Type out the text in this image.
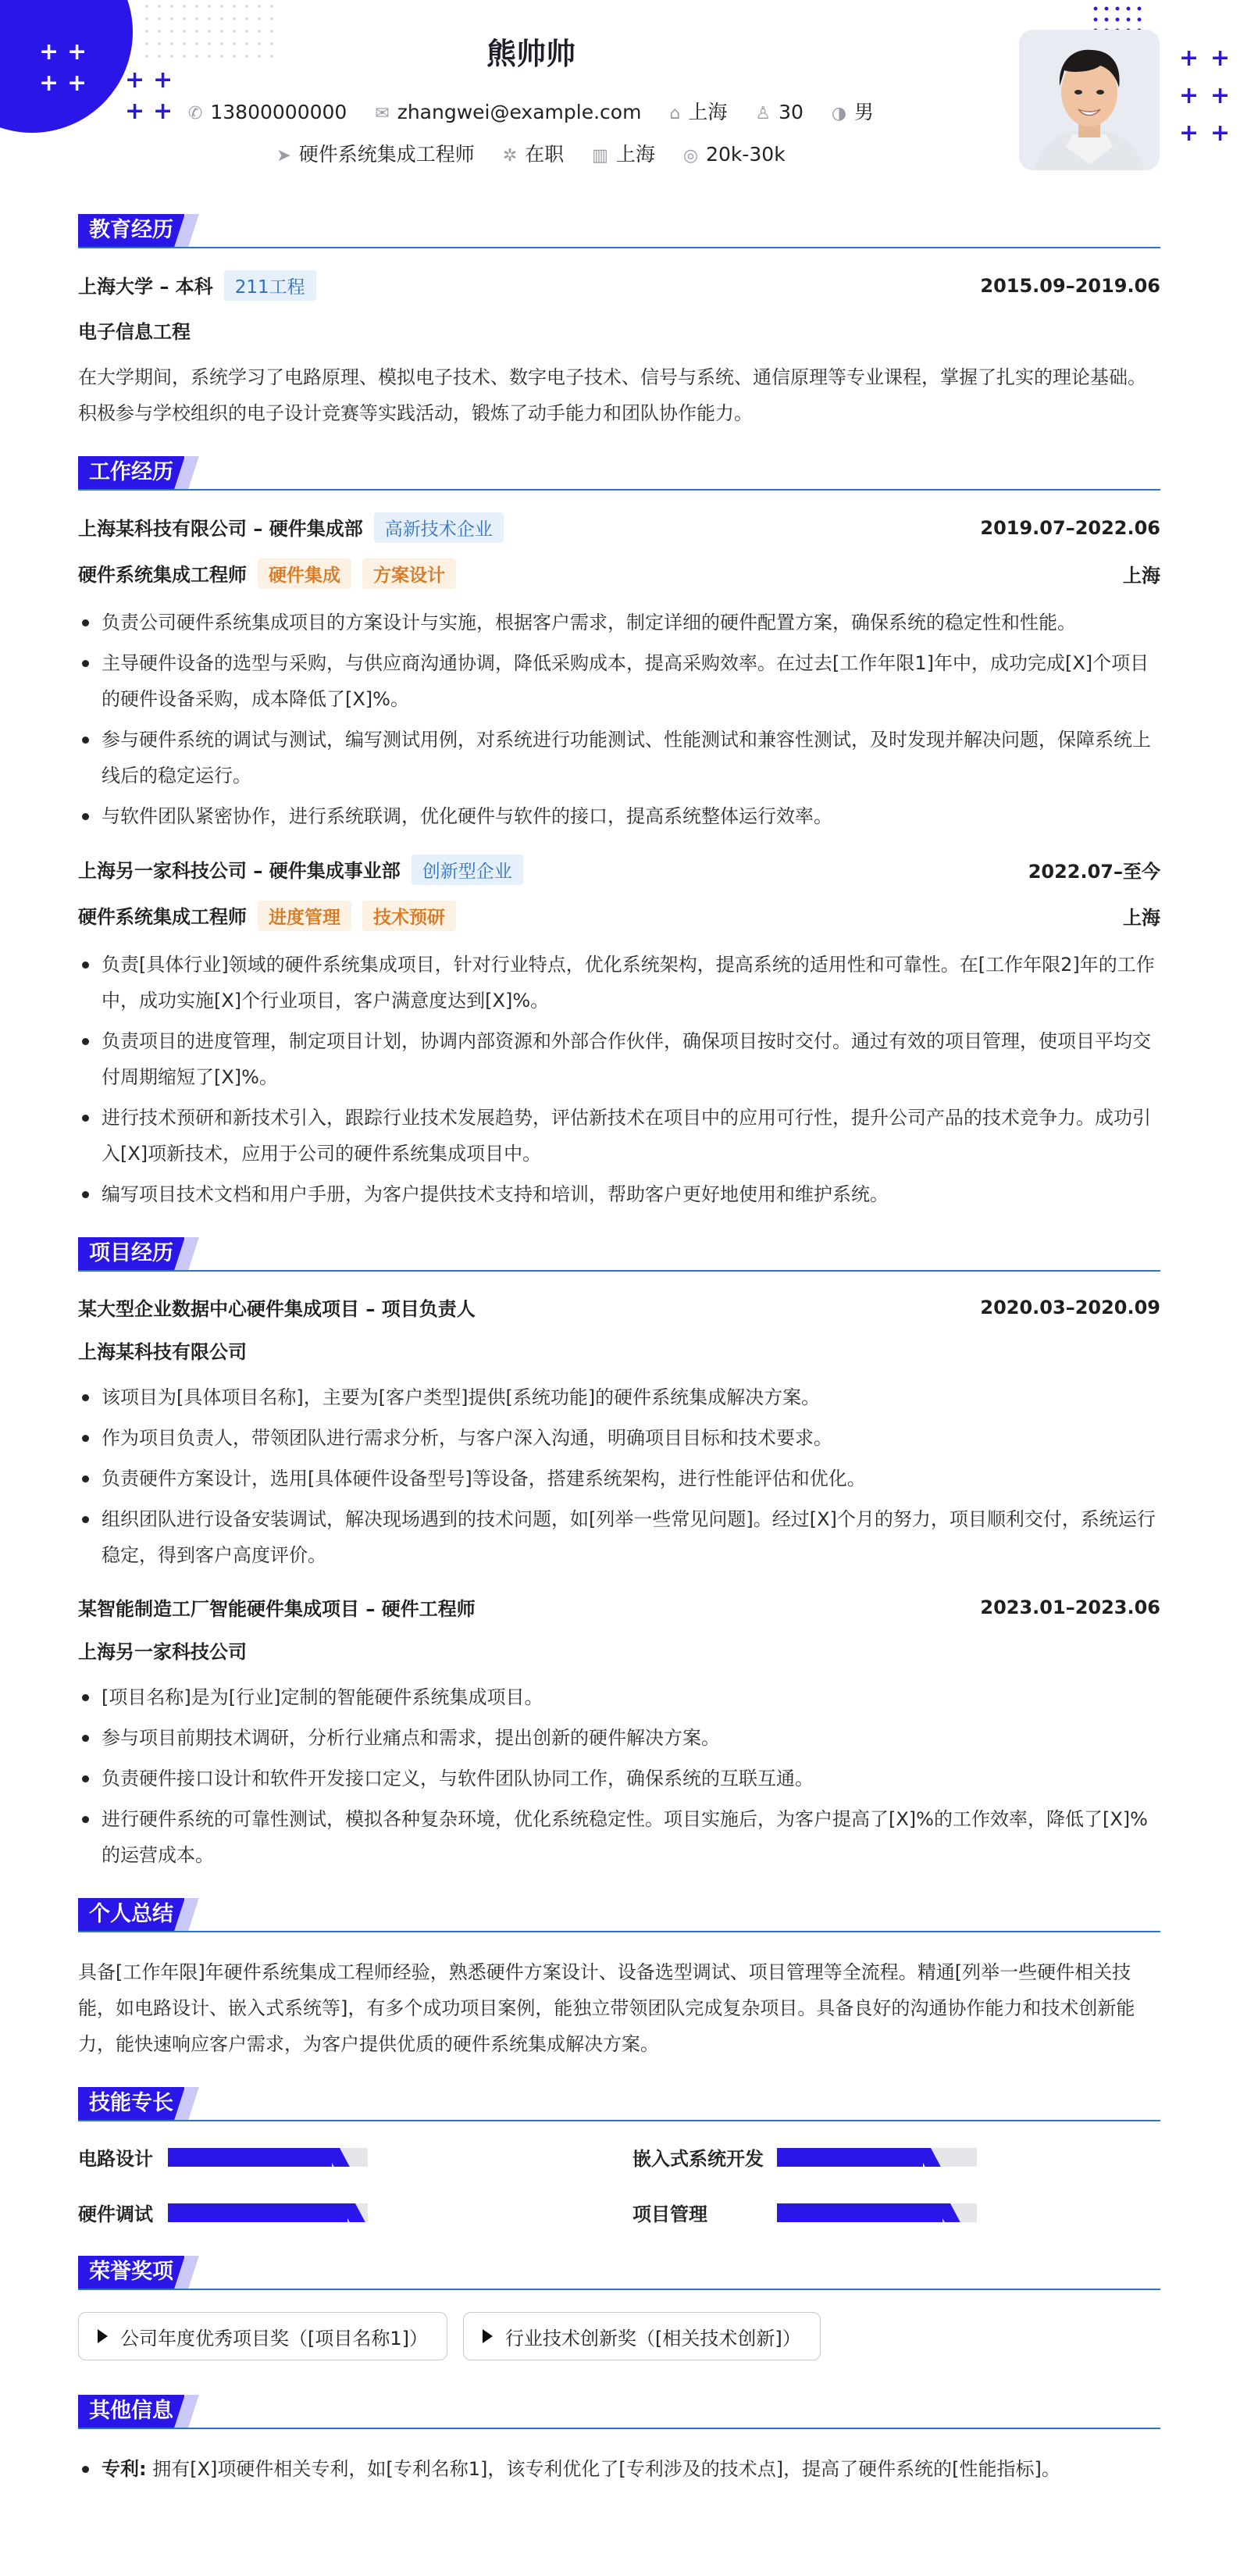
+ +
+ + + +
+ +
+ +
+ +
+ +
熊帅帅
✆ 13800000000 ✉ zhangwei@example.com ⌂ 上海 ♙ 30 ◑ 男
➤ 硬件系统集成工程师 ✲ 在职 ▥ 上海 ◎ 20k-30k
教育经历
上海大学 – 本科 211工程	2015.09–2019.06
电子信息工程

在大学期间，系统学习了电路原理、模拟电子技术、数字电子技术、信号与系统、通信原理等专业课程，掌握了扎实的理论基础。积极参与学校组织的电子设计竞赛等实践活动，锻炼了动手能力和团队协作能力。

工作经历
上海某科技有限公司 – 硬件集成部 高新技术企业	2019.07–2022.06
硬件系统集成工程师 硬件集成 方案设计	上海
负责公司硬件系统集成项目的方案设计与实施，根据客户需求，制定详细的硬件配置方案，确保系统的稳定性和性能。
主导硬件设备的选型与采购，与供应商沟通协调，降低采购成本，提高采购效率。在过去[工作年限1]年中，成功完成[X]个项目的硬件设备采购，成本降低了[X]%。
参与硬件系统的调试与测试，编写测试用例，对系统进行功能测试、性能测试和兼容性测试，及时发现并解决问题，保障系统上线后的稳定运行。
与软件团队紧密协作，进行系统联调，优化硬件与软件的接口，提高系统整体运行效率。
上海另一家科技公司 – 硬件集成事业部 创新型企业	2022.07–至今
硬件系统集成工程师 进度管理 技术预研	上海
负责[具体行业]领域的硬件系统集成项目，针对行业特点，优化系统架构，提高系统的适用性和可靠性。在[工作年限2]年的工作中，成功实施[X]个行业项目，客户满意度达到[X]%。
负责项目的进度管理，制定项目计划，协调内部资源和外部合作伙伴，确保项目按时交付。通过有效的项目管理，使项目平均交付周期缩短了[X]%。
进行技术预研和新技术引入，跟踪行业技术发展趋势，评估新技术在项目中的应用可行性，提升公司产品的技术竞争力。成功引入[X]项新技术，应用于公司的硬件系统集成项目中。
编写项目技术文档和用户手册，为客户提供技术支持和培训，帮助客户更好地使用和维护系统。
项目经历
某大型企业数据中心硬件集成项目 – 项目负责人	2020.03–2020.09
上海某科技有限公司
该项目为[具体项目名称]，主要为[客户类型]提供[系统功能]的硬件系统集成解决方案。
作为项目负责人，带领团队进行需求分析，与客户深入沟通，明确项目目标和技术要求。
负责硬件方案设计，选用[具体硬件设备型号]等设备，搭建系统架构，进行性能评估和优化。
组织团队进行设备安装调试，解决现场遇到的技术问题，如[列举一些常见问题]。经过[X]个月的努力，项目顺利交付，系统运行稳定，得到客户高度评价。
某智能制造工厂智能硬件集成项目 – 硬件工程师	2023.01–2023.06
上海另一家科技公司
[项目名称]是为[行业]定制的智能硬件系统集成项目。
参与项目前期技术调研，分析行业痛点和需求，提出创新的硬件解决方案。
负责硬件接口设计和软件开发接口定义，与软件团队协同工作，确保系统的互联互通。
进行硬件系统的可靠性测试，模拟各种复杂环境，优化系统稳定性。项目实施后，为客户提高了[X]%的工作效率，降低了[X]%的运营成本。
个人总结

具备[工作年限]年硬件系统集成工程师经验，熟悉硬件方案设计、设备选型调试、项目管理等全流程。精通[列举一些硬件相关技能，如电路设计、嵌入式系统等]，有多个成功项目案例，能独立带领团队完成复杂项目。具备良好的沟通协作能力和技术创新能力，能快速响应客户需求，为客户提供优质的硬件系统集成解决方案。

技能专长
电路设计	嵌入式系统开发
硬件调试	项目管理
荣誉奖项
公司年度优秀项目奖（[项目名称1]）	行业技术创新奖（[相关技术创新]）
其他信息
专利: 拥有[X]项硬件相关专利，如[专利名称1]，该专利优化了[专利涉及的技术点]，提高了硬件系统的[性能指标]。
